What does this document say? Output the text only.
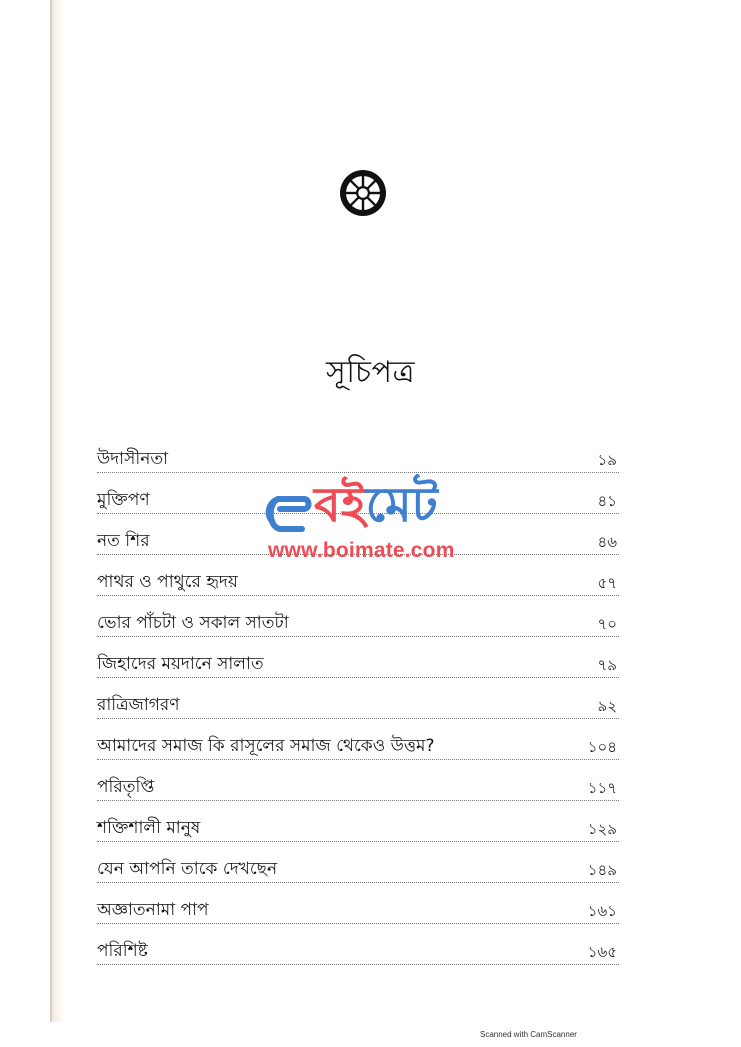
সূচিপত্র
উদাসীনতা	১৯
মুক্তিপণ	৪১
নত শির	৪৬
পাথর ও পাথুরে হৃদয়	৫৭
ভোর পাঁচটা ও সকাল সাতটা	৭০
জিহাদের ময়দানে সালাত	৭৯
রাত্রিজাগরণ	৯২
আমাদের সমাজ কি রাসূলের সমাজ থেকেও উত্তম?	১০৪
পরিতৃপ্তি	১১৭
শক্তিশালী মানুষ	১২৯
যেন আপনি তাকে দেখছেন	১৪৯
অজ্ঞাতনামা পাপ	১৬১
পরিশিষ্ট	১৬৫
বইমেট
www.boimate.com
Scanned with CamScanner
